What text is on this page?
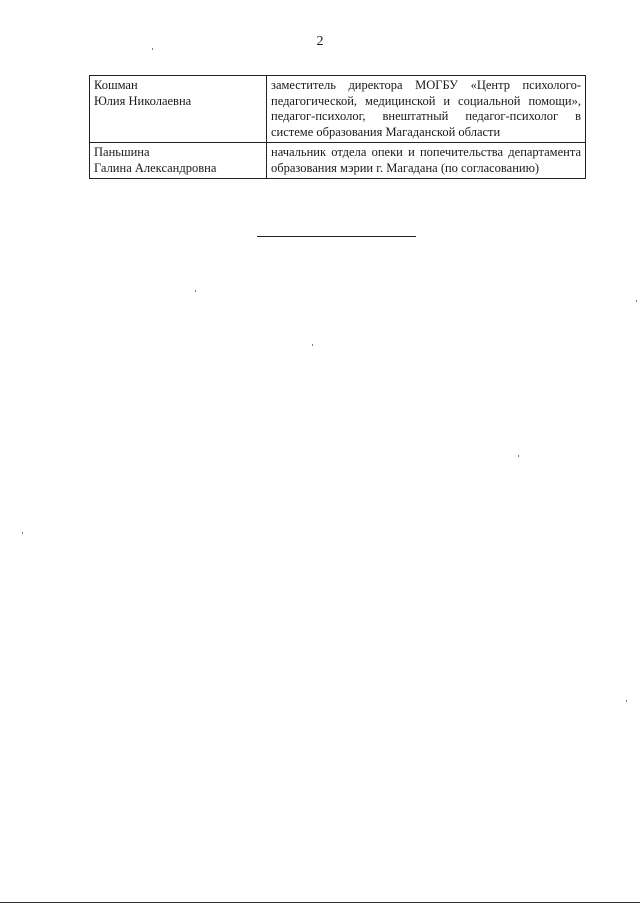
2
Кошман
Юлия Николаевна	заместитель директора МОГБУ «Центр психолого-педагогической, медицинской и социальной помощи», педагог-психолог, внештатный педагог-психолог в системе образования Магаданской области

Паньшина
Галина Александровна	начальник отдела опеки и попечительства департамента образования мэрии г. Магадана (по согласованию)
